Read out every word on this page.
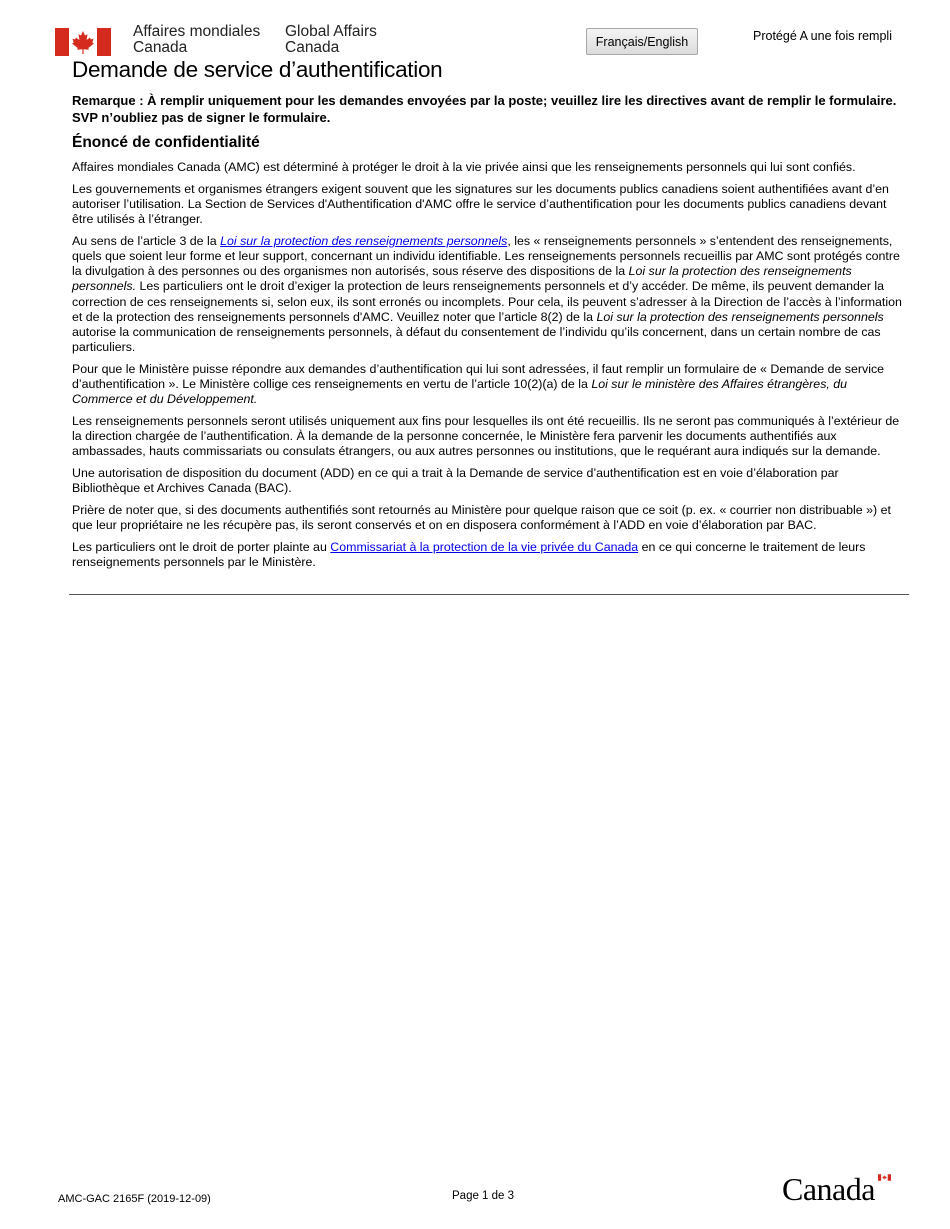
Affaires mondiales
Canada
Global Affairs
Canada	Français/English	Protégé A une fois rempli
Demande de service d’authentification
Remarque : À remplir uniquement pour les demandes envoyées par la poste; veuillez lire les directives avant de remplir le formulaire. SVP n’oubliez pas de signer le formulaire.
Énoncé de confidentialité

Affaires mondiales Canada (AMC) est déterminé à protéger le droit à la vie privée ainsi que les renseignements personnels qui lui sont confiés.

Les gouvernements et organismes étrangers exigent souvent que les signatures sur les documents publics canadiens soient authentifiées avant d’en autoriser l’utilisation. La Section de Services d'Authentification d'AMC offre le service d’authentification pour les documents publics canadiens devant être utilisés à l’étranger.

Au sens de l’article 3 de la Loi sur la protection des renseignements personnels, les « renseignements personnels » s’entendent des renseignements, quels que soient leur forme et leur support, concernant un individu identifiable. Les renseignements personnels recueillis par AMC sont protégés contre la divulgation à des personnes ou des organismes non autorisés, sous réserve des dispositions de la Loi sur la protection des renseignements personnels. Les particuliers ont le droit d’exiger la protection de leurs renseignements personnels et d’y accéder. De même, ils peuvent demander la correction de ces renseignements si, selon eux, ils sont erronés ou incomplets. Pour cela, ils peuvent s’adresser à la Direction de l’accès à l’information et de la protection des renseignements personnels d'AMC. Veuillez noter que l’article 8(2) de la Loi sur la protection des renseignements personnels autorise la communication de renseignements personnels, à défaut du consentement de l’individu qu’ils concernent, dans un certain nombre de cas particuliers.

Pour que le Ministère puisse répondre aux demandes d’authentification qui lui sont adressées, il faut remplir un formulaire de « Demande de service d’authentification ». Le Ministère collige ces renseignements en vertu de l’article 10(2)(a) de la Loi sur le ministère des Affaires étrangères, du Commerce et du Développement.

Les renseignements personnels seront utilisés uniquement aux fins pour lesquelles ils ont été recueillis. Ils ne seront pas communiqués à l’extérieur de la direction chargée de l’authentification. À la demande de la personne concernée, le Ministère fera parvenir les documents authentifiés aux ambassades, hauts commissariats ou consulats étrangers, ou aux autres personnes ou institutions, que le requérant aura indiqués sur la demande.

Une autorisation de disposition du document (ADD) en ce qui a trait à la Demande de service d’authentification est en voie d’élaboration par Bibliothèque et Archives Canada (BAC).

Prière de noter que, si des documents authentifiés sont retournés au Ministère pour quelque raison que ce soit (p. ex. « courrier non distribuable ») et que leur propriétaire ne les récupère pas, ils seront conservés et on en disposera conformément à l’ADD en voie d’élaboration par BAC.

Les particuliers ont le droit de porter plainte au Commissariat à la protection de la vie privée du Canada en ce qui concerne le traitement de leurs renseignements personnels par le Ministère.

AMC-GAC 2165F (2019-12-09)	Page 1 de 3	Canada
